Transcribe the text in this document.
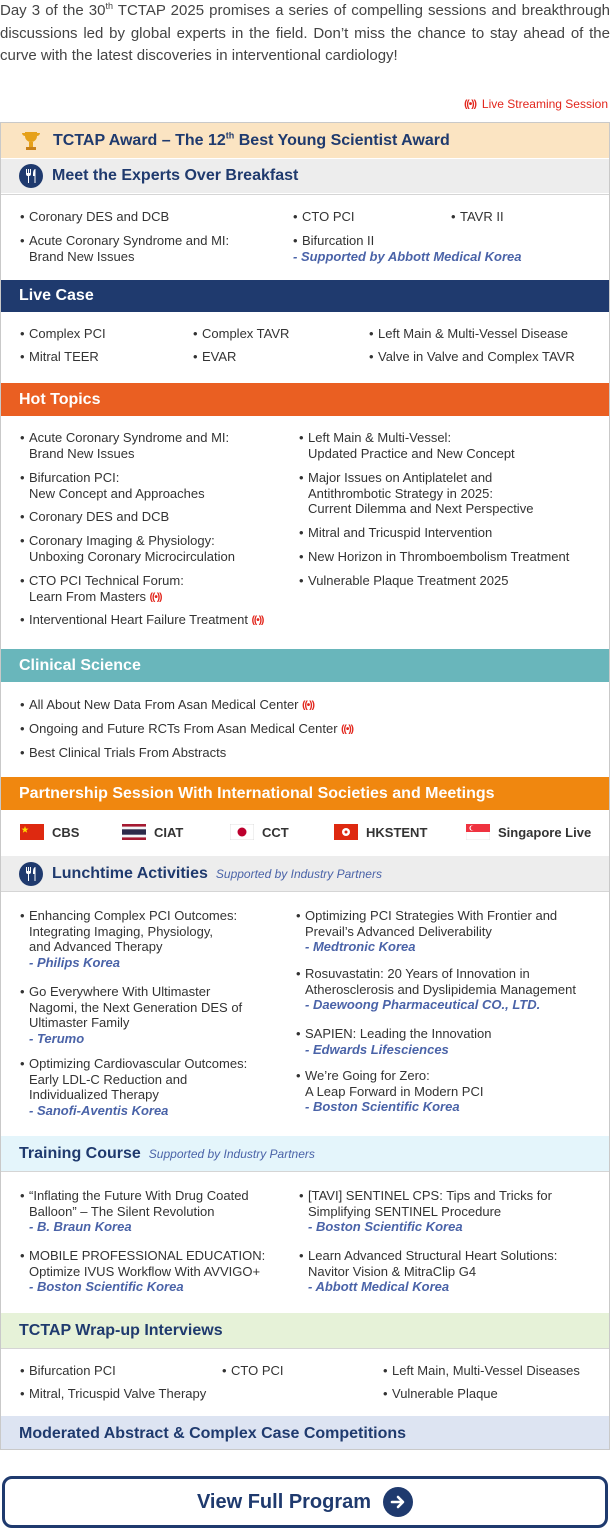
Day 3 of the 30th TCTAP 2025 promises a series of compelling sessions and breakthrough discussions led by global experts in the field. Don’t miss the chance to stay ahead of the curve with the latest discoveries in interventional cardiology!
((•)) Live Streaming Session
TCTAP Award – The 12th Best Young Scientist Award
Meet the Experts Over Breakfast
• Coronary DES and DCB	• CTO PCI	• TAVR II
• Acute Coronary Syndrome and MI:
Brand New Issues
• Bifurcation II
- Supported by Abbott Medical Korea
Live Case
• Complex PCI	• Complex TAVR	• Left Main & Multi-Vessel Disease
• Mitral TEER	• EVAR	• Valve in Valve and Complex TAVR
Hot Topics
• Acute Coronary Syndrome and MI:
Brand New Issues
• Bifurcation PCI:
New Concept and Approaches
• Coronary DES and DCB
• Coronary Imaging & Physiology:
Unboxing Coronary Microcirculation
• CTO PCI Technical Forum:
Learn From Masters ((•))
• Interventional Heart Failure Treatment ((•))
• Left Main & Multi-Vessel:
Updated Practice and New Concept
• Major Issues on Antiplatelet and
Antithrombotic Strategy in 2025:
Current Dilemma and Next Perspective
• Mitral and Tricuspid Intervention
• New Horizon in Thromboembolism Treatment
• Vulnerable Plaque Treatment 2025
Clinical Science
• All About New Data From Asan Medical Center ((•))
• Ongoing and Future RCTs From Asan Medical Center ((•))
• Best Clinical Trials From Abstracts
Partnership Session With International Societies and Meetings
CBS	CIAT	CCT	HKSTENT	Singapore Live
Lunchtime Activities Supported by Industry Partners
• Enhancing Complex PCI Outcomes:
Integrating Imaging, Physiology,
and Advanced Therapy
- Philips Korea
• Go Everywhere With Ultimaster
Nagomi, the Next Generation DES of
Ultimaster Family
- Terumo
• Optimizing Cardiovascular Outcomes:
Early LDL-C Reduction and
Individualized Therapy
- Sanofi-Aventis Korea
• Optimizing PCI Strategies With Frontier and
Prevail’s Advanced Deliverability
- Medtronic Korea
• Rosuvastatin: 20 Years of Innovation in
Atherosclerosis and Dyslipidemia Management
- Daewoong Pharmaceutical CO., LTD.
• SAPIEN: Leading the Innovation
- Edwards Lifesciences
• We’re Going for Zero:
A Leap Forward in Modern PCI
- Boston Scientific Korea
Training Course Supported by Industry Partners
• “Inflating the Future With Drug Coated
Balloon” – The Silent Revolution
- B. Braun Korea
• MOBILE PROFESSIONAL EDUCATION:
Optimize IVUS Workflow With AVVIGO+
- Boston Scientific Korea
• [TAVI] SENTINEL CPS: Tips and Tricks for
Simplifying SENTINEL Procedure
- Boston Scientific Korea
• Learn Advanced Structural Heart Solutions:
Navitor Vision & MitraClip G4
- Abbott Medical Korea
TCTAP Wrap-up Interviews
• Bifurcation PCI	• CTO PCI	• Left Main, Multi-Vessel Diseases
• Mitral, Tricuspid Valve Therapy	• Vulnerable Plaque
Moderated Abstract & Complex Case Competitions
View Full Program
